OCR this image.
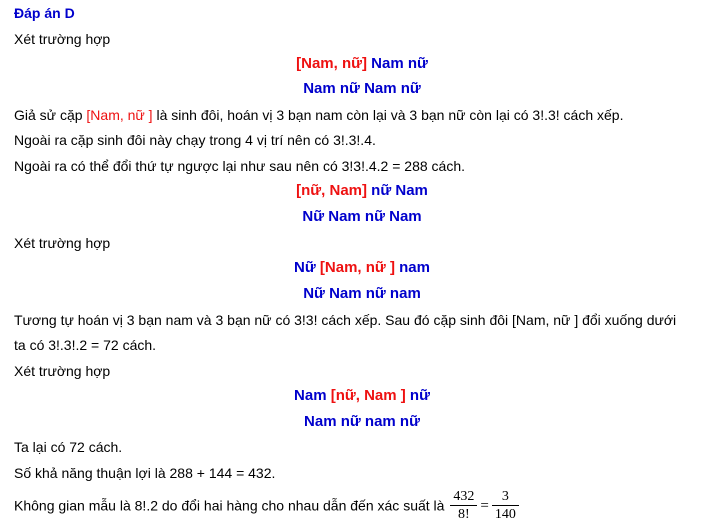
Đáp án D
Xét trường hợp
[Nam, nữ] Nam nữ
Nam nữ Nam nữ
Giả sử cặp [Nam, nữ ] là sinh đôi, hoán vị 3 bạn nam còn lại và 3 bạn nữ còn lại có 3!.3! cách xếp.
Ngoài ra cặp sinh đôi này chạy trong 4 vị trí nên có 3!.3!.4.
Ngoài ra có thể đổi thứ tự ngược lại như sau nên có 3!3!.4.2 = 288 cách.
[nữ, Nam] nữ Nam
Nữ Nam nữ Nam
Xét trường hợp
Nữ [Nam, nữ ] nam
Nữ Nam nữ nam
Tương tự hoán vị 3 bạn nam và 3 bạn nữ có 3!3! cách xếp. Sau đó cặp sinh đôi [Nam, nữ ] đổi xuống dưới
ta có 3!.3!.2 = 72 cách.
Xét trường hợp
Nam [nữ, Nam ] nữ
Nam nữ nam nữ
Ta lại có 72 cách.
Số khả năng thuận lợi là 288 + 144 = 432.
Không gian mẫu là 8!.2 do đổi hai hàng cho nhau dẫn đến xác suất là $\frac{432}{8!} = \frac{3}{140}$
